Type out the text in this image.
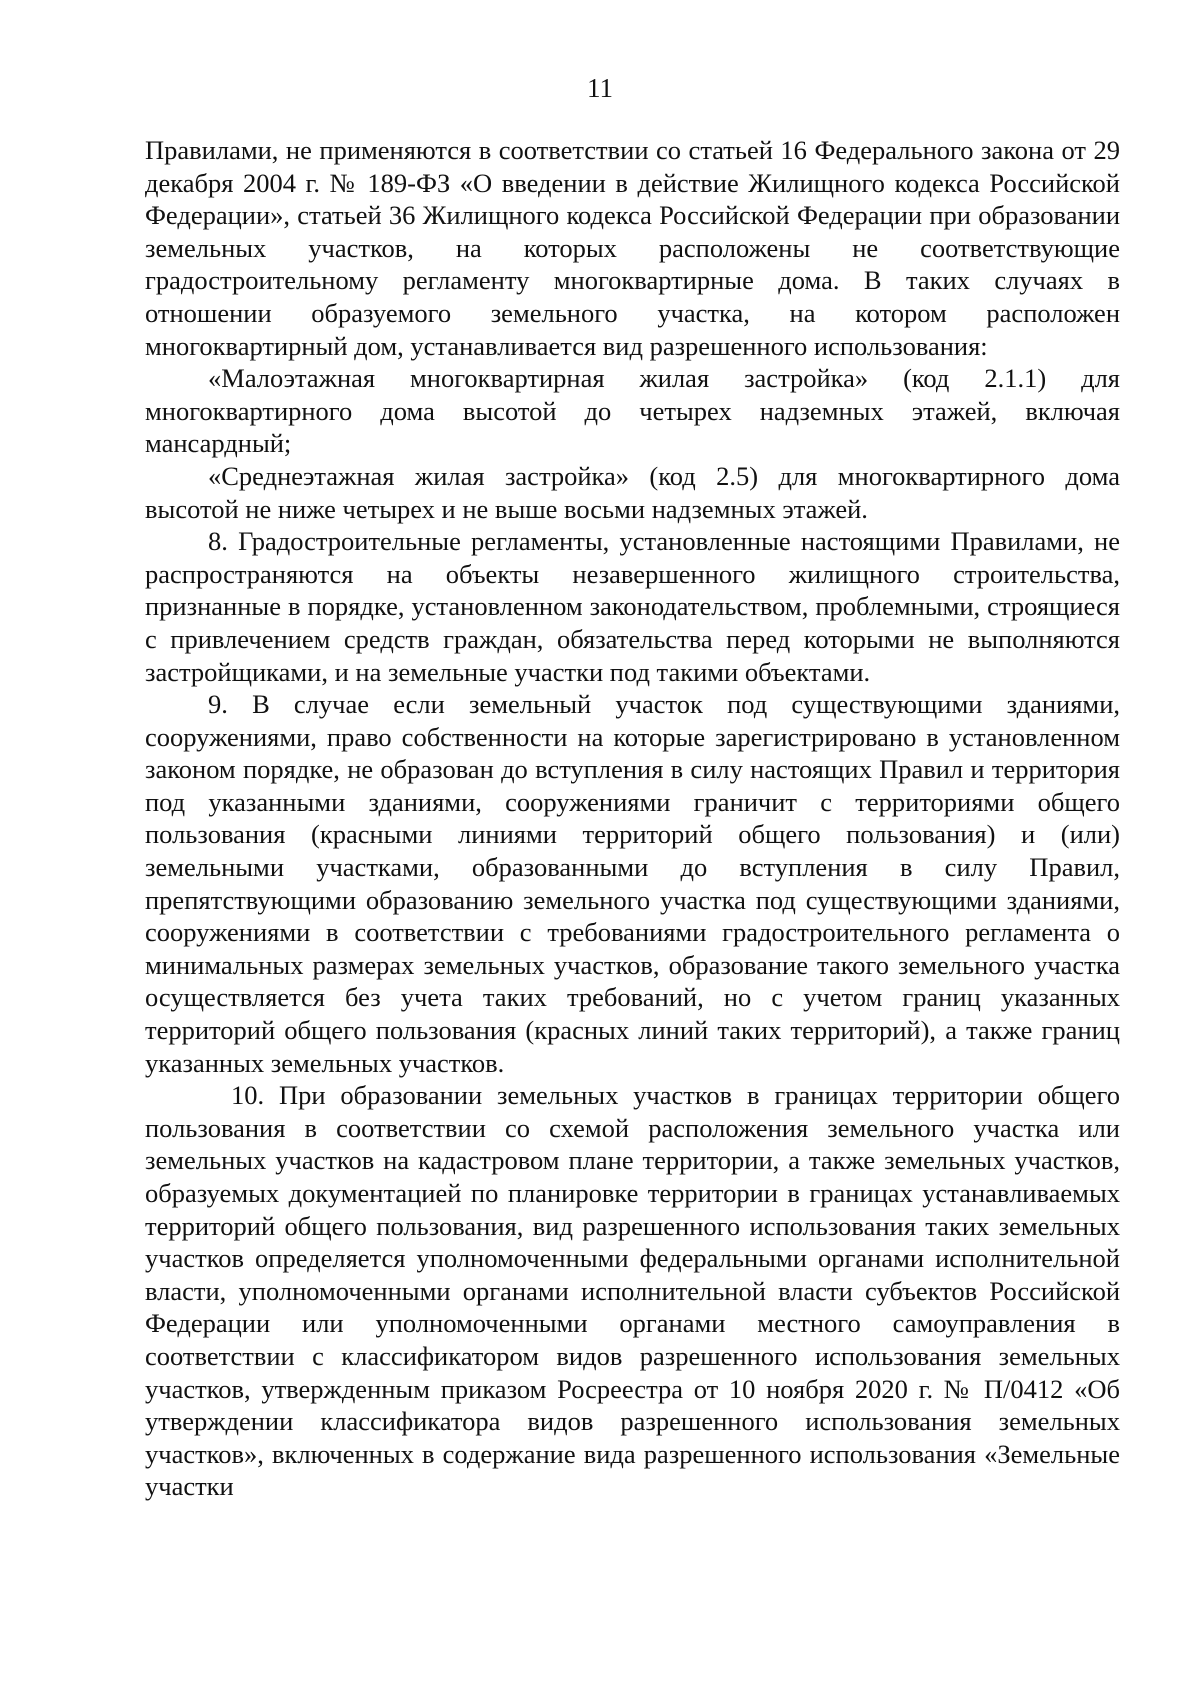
11

Правилами, не применяются в соответствии со статьей 16 Федерального закона от 29 декабря 2004 г. № 189-ФЗ «О введении в действие Жилищного кодекса Российской Федерации», статьей 36 Жилищного кодекса Российской Федерации при образовании земельных участков, на которых расположены не соответствующие градостроительному регламенту многоквартирные дома. В таких случаях в отношении образуемого земельного участка, на котором расположен многоквартирный дом, устанавливается вид разрешенного использования:

«Малоэтажная многоквартирная жилая застройка» (код 2.1.1) для многоквартирного дома высотой до четырех надземных этажей, включая мансардный;

«Среднеэтажная жилая застройка» (код 2.5) для многоквартирного дома высотой не ниже четырех и не выше восьми надземных этажей.

8. Градостроительные регламенты, установленные настоящими Правилами, не распространяются на объекты незавершенного жилищного строительства, признанные в порядке, установленном законодательством, проблемными, строящиеся с привлечением средств граждан, обязательства перед которыми не выполняются застройщиками, и на земельные участки под такими объектами.

9. В случае если земельный участок под существующими зданиями, сооружениями, право собственности на которые зарегистрировано в установленном законом порядке, не образован до вступления в силу настоящих Правил и территория под указанными зданиями, сооружениями граничит с территориями общего пользования (красными линиями территорий общего пользования) и (или) земельными участками, образованными до вступления в силу Правил, препятствующими образованию земельного участка под существующими зданиями, сооружениями в соответствии с требованиями градостроительного регламента о минимальных размерах земельных участков, образование такого земельного участка осуществляется без учета таких требований, но с учетом границ указанных территорий общего пользования (красных линий таких территорий), а также границ указанных земельных участков.

10. При образовании земельных участков в границах территории общего пользования в соответствии со схемой расположения земельного участка или земельных участков на кадастровом плане территории, а также земельных участков, образуемых документацией по планировке территории в границах устанавливаемых территорий общего пользования, вид разрешенного использования таких земельных участков определяется уполномоченными федеральными органами исполнительной власти, уполномоченными органами исполнительной власти субъектов Российской Федерации или уполномоченными органами местного самоуправления в соответствии с классификатором видов разрешенного использования земельных участков, утвержденным приказом Росреестра от 10 ноября 2020 г. № П/0412 «Об утверждении классификатора видов разрешенного использования земельных участков», включенных в содержание вида разрешенного использования «Земельные участки
